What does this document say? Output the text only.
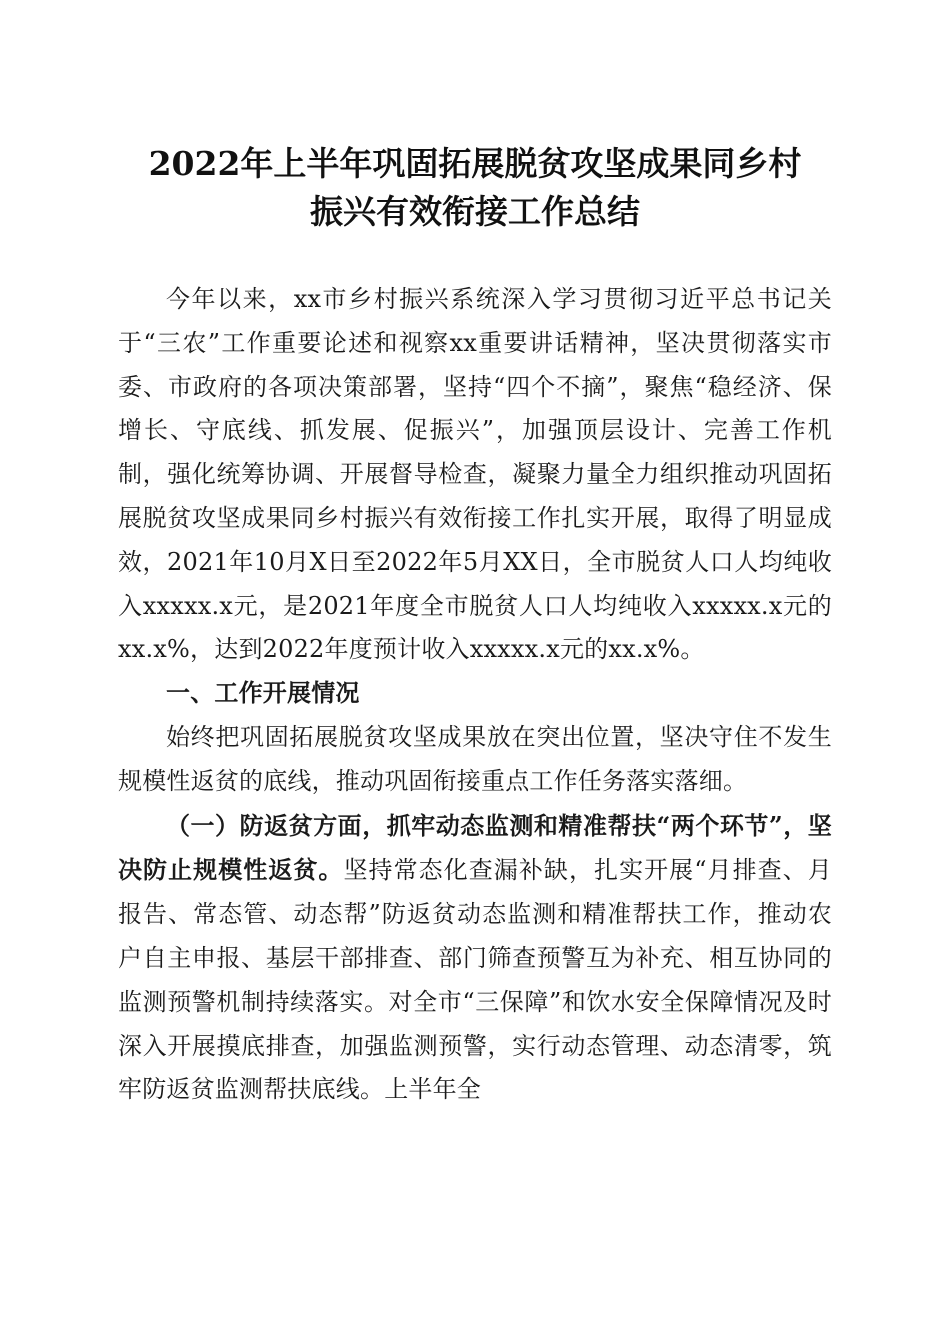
2022年上半年巩固拓展脱贫攻坚成果同乡村
振兴有效衔接工作总结

今年以来，xx市乡村振兴系统深入学习贯彻习近平总书记关于“三农”工作重要论述和视察xx重要讲话精神，坚决贯彻落实市委、市政府的各项决策部署，坚持“四个不摘”，聚焦“稳经济、保增长、守底线、抓发展、促振兴”，加强顶层设计、完善工作机制，强化统筹协调、开展督导检查，凝聚力量全力组织推动巩固拓展脱贫攻坚成果同乡村振兴有效衔接工作扎实开展，取得了明显成效，2021年10月X日至2022年5月XX日，全市脱贫人口人均纯收入xxxxx.x元，是2021年度全市脱贫人口人均纯收入xxxxx.x元的xx.x%，达到2022年度预计收入xxxxx.x元的xx.x%。

一、工作开展情况

始终把巩固拓展脱贫攻坚成果放在突出位置，坚决守住不发生规模性返贫的底线，推动巩固衔接重点工作任务落实落细。

（一）防返贫方面，抓牢动态监测和精准帮扶“两个环节”，坚决防止规模性返贫。坚持常态化查漏补缺，扎实开展“月排查、月报告、常态管、动态帮”防返贫动态监测和精准帮扶工作，推动农户自主申报、基层干部排查、部门筛查预警互为补充、相互协同的监测预警机制持续落实。对全市“三保障”和饮水安全保障情况及时深入开展摸底排查，加强监测预警，实行动态管理、动态清零，筑牢防返贫监测帮扶底线。上半年全
